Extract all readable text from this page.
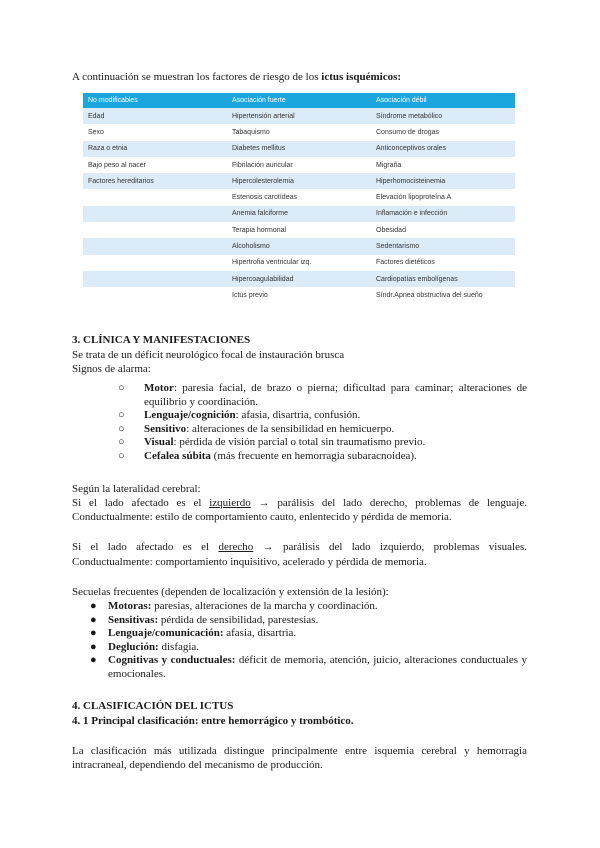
A continuación se muestran los factores de riesgo de los ictus isquémicos:
No modificables	Asociación fuerte	Asociación débil
Edad	Hipertensión arterial	Síndrome metabólico
Sexo	Tabaquismo	Consumo de drogas
Raza o etnia	Diabetes mellitus	Anticonceptivos orales
Bajo peso al nacer	Fibrilación auricular	Migraña
Factores hereditarios	Hipercolesterolemia	Hiperhomocisteinemia
	Estenosis carotídeas	Elevación lipoproteína A
	Anemia falciforme	Inflamación e infección
	Terapia hormonal	Obesidad
	Alcoholismo	Sedentarismo
	Hipertrofia ventricular izq.	Factores dietéticos
	Hipercoagulabilidad	Cardiopatías embolígenas
	Ictus previo	Síndr.Apnea obstructiva del sueño
3. CLÍNICA Y MANIFESTACIONES
Se trata de un déficit neurológico focal de instauración brusca
Signos de alarma:
○ Motor: paresia facial, de brazo o pierna; dificultad para caminar; alteraciones de
equilibrio y coordinación.
○ Lenguaje/cognición: afasia, disartria, confusión.
○ Sensitivo: alteraciones de la sensibilidad en hemicuerpo.
○ Visual: pérdida de visión parcial o total sin traumatismo previo.
○ Cefalea súbita (más frecuente en hemorragia subaracnoidea).
Según la lateralidad cerebral:
Si el lado afectado es el izquierdo → parálisis del lado derecho, problemas de lenguaje.
Conductualmente: estilo de comportamiento cauto, enlentecido y pérdida de memoria.
Si el lado afectado es el derecho → parálisis del lado izquierdo, problemas visuales.
Conductualmente: comportamiento inquisitivo, acelerado y pérdida de memoria.
Secuelas frecuentes (dependen de localización y extensión de la lesión):
● Motoras: paresias, alteraciones de la marcha y coordinación.
● Sensitivas: pérdida de sensibilidad, parestesias.
● Lenguaje/comunicación: afasia, disartria.
● Deglución: disfagia.
● Cognitivas y conductuales: déficit de memoria, atención, juicio, alteraciones conductuales y
emocionales.
4. CLASIFICACIÓN DEL ICTUS
4. 1 Principal clasificación: entre hemorrágico y trombótico.
La clasificación más utilizada distingue principalmente entre isquemia cerebral y hemorragia
intracraneal, dependiendo del mecanismo de producción.
